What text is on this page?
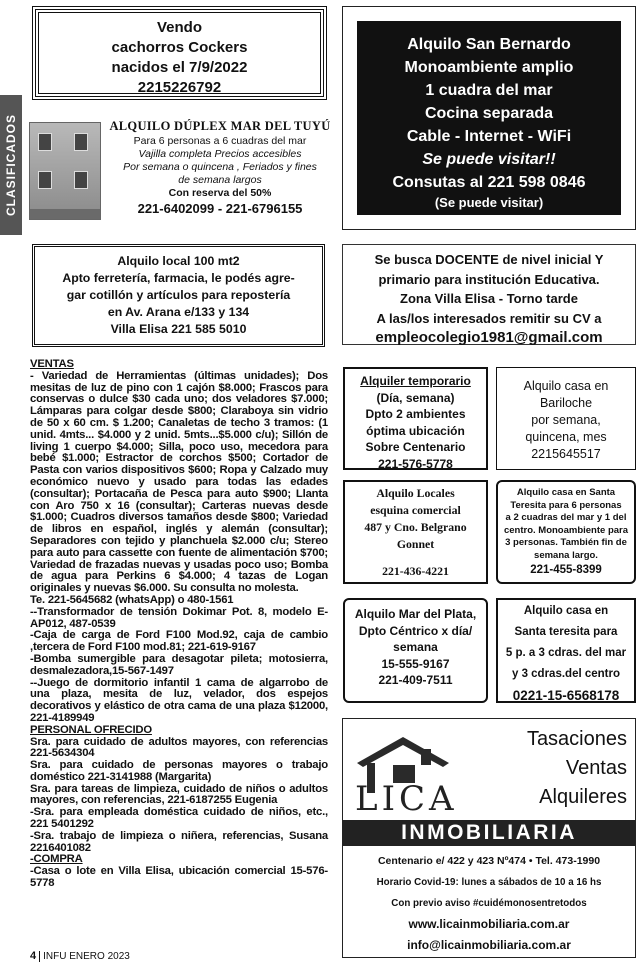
CLASIFICADOS
Vendo
cachorros Cockers
nacidos el 7/9/2022
2215226792
Alquilo San Bernardo
Monoambiente amplio
1 cuadra del mar
Cocina separada
Cable - Internet - WiFi
Se puede visitar!!
Consutas al 221 598 0846
(Se puede visitar)
ALQUILO DÚPLEX MAR DEL TUYÚ
Para 6 personas a 6 cuadras del mar
Vajilla completa Precios accesibles
Por semana o quincena , Feriados y fines
de semana largos
Con reserva del 50%
221-6402099 - 221-6796155
Alquilo local 100 mt2
Apto ferretería, farmacia, le podés agre-
gar cotillón y artículos para repostería
en Av. Arana e/133 y 134
Villa Elisa 221 585 5010
Se busca DOCENTE de nivel inicial Y
primario para institución Educativa.
Zona Villa Elisa - Torno tarde
A las/los interesados remitir su CV a
empleocolegio1981@gmail.com
VENTAS

- Variedad de Herramientas (últimas unidades); Dos mesitas de luz de pino con 1 cajón $8.000; Frascos para conservas o dulce $30 cada uno; dos veladores $7.000; Lámparas para colgar desde $800; Claraboya sin vidrio de 50 x 60 cm. $ 1.200; Canaletas de techo 3 tramos: (1 unid. 4mts... $4.000 y 2 unid. 5mts...$5.000 c/u); Sillón de living 1 cuerpo $4.000; Silla, poco uso, mecedora para bebé $1.000; Estractor de corchos $500; Cortador de Pasta con varios dispositivos $600; Ropa y Calzado muy económico nuevo y usado para todas las edades (consultar); Portacaña de Pesca para auto $900; Llanta con Aro 750 x 16 (consultar); Carteras nuevas desde $1.000; Cuadros diversos tamaños desde $800; Variedad de libros en español, inglés y alemán (consultar); Separadores con tejido y planchuela $2.000 c/u; Stereo para auto para cassette con fuente de alimentación $700; Variedad de frazadas nuevas y usadas poco uso; Bomba de agua para Perkins 6 $4.000; 4 tazas de Logan originales y nuevas $6.000. Su consulta no molesta.

Te. 221-5645682 (whatsApp) o 480-1561

--Transformador de tensión Dokimar Pot. 8, modelo E-AP012, 487-0539

-Caja de carga de Ford F100 Mod.92, caja de cambio ,tercera de Ford F100 mod.81; 221-619-9167

-Bomba sumergible para desagotar pileta; motosierra, desmalezadora,15-567-1497

--Juego de dormitorio infantil 1 cama de algarrobo de una plaza, mesita de luz, velador, dos espejos decorativos y elástico de otra cama de una plaza $12000, 221-4189949

PERSONAL OFRECIDO

Sra. para cuidado de adultos mayores, con referencias 221-5634304

Sra. para cuidado de personas mayores o trabajo doméstico 221-3141988 (Margarita)

Sra. para tareas de limpieza, cuidado de niños o adultos mayores, con referencias, 221-6187255 Eugenia

-Sra. para empleada doméstica cuidado de niños, etc., 221 5401292

-Sra. trabajo de limpieza o niñera, referencias, Susana 2216401082

-COMPRA

-Casa o lote en Villa Elisa, ubicación comercial 15-576-5778

Alquiler temporario
(Día, semana)
Dpto 2 ambientes
óptima ubicación
Sobre Centenario
221-576-5778
Alquilo casa en
Bariloche
por semana,
quincena, mes
2215645517
Alquilo Locales
esquina comercial
487 y Cno. Belgrano
Gonnet
221-436-4221
Alquilo casa en Santa
Teresita para 6 personas
a 2 cuadras del mar y 1 del
centro. Monoambiente para
3 personas. También fin de
semana largo.
221-455-8399
Alquilo Mar del Plata,
Dpto Céntrico x día/
semana
15-555-9167
221-409-7511
Alquilo casa en
Santa teresita para
5 p. a 3 cdras. del mar
y 3 cdras.del centro
0221-15-6568178
LICA
Tasaciones
Ventas
Alquileres
INMOBILIARIA
Centenario e/ 422 y 423 Nº474 • Tel. 473-1990
Horario Covid-19: lunes a sábados de 10 a 16 hs
Con previo aviso #cuidémonosentretodos
www.licainmobiliaria.com.ar
info@licainmobiliaria.com.ar
4 INFU ENERO 2023
